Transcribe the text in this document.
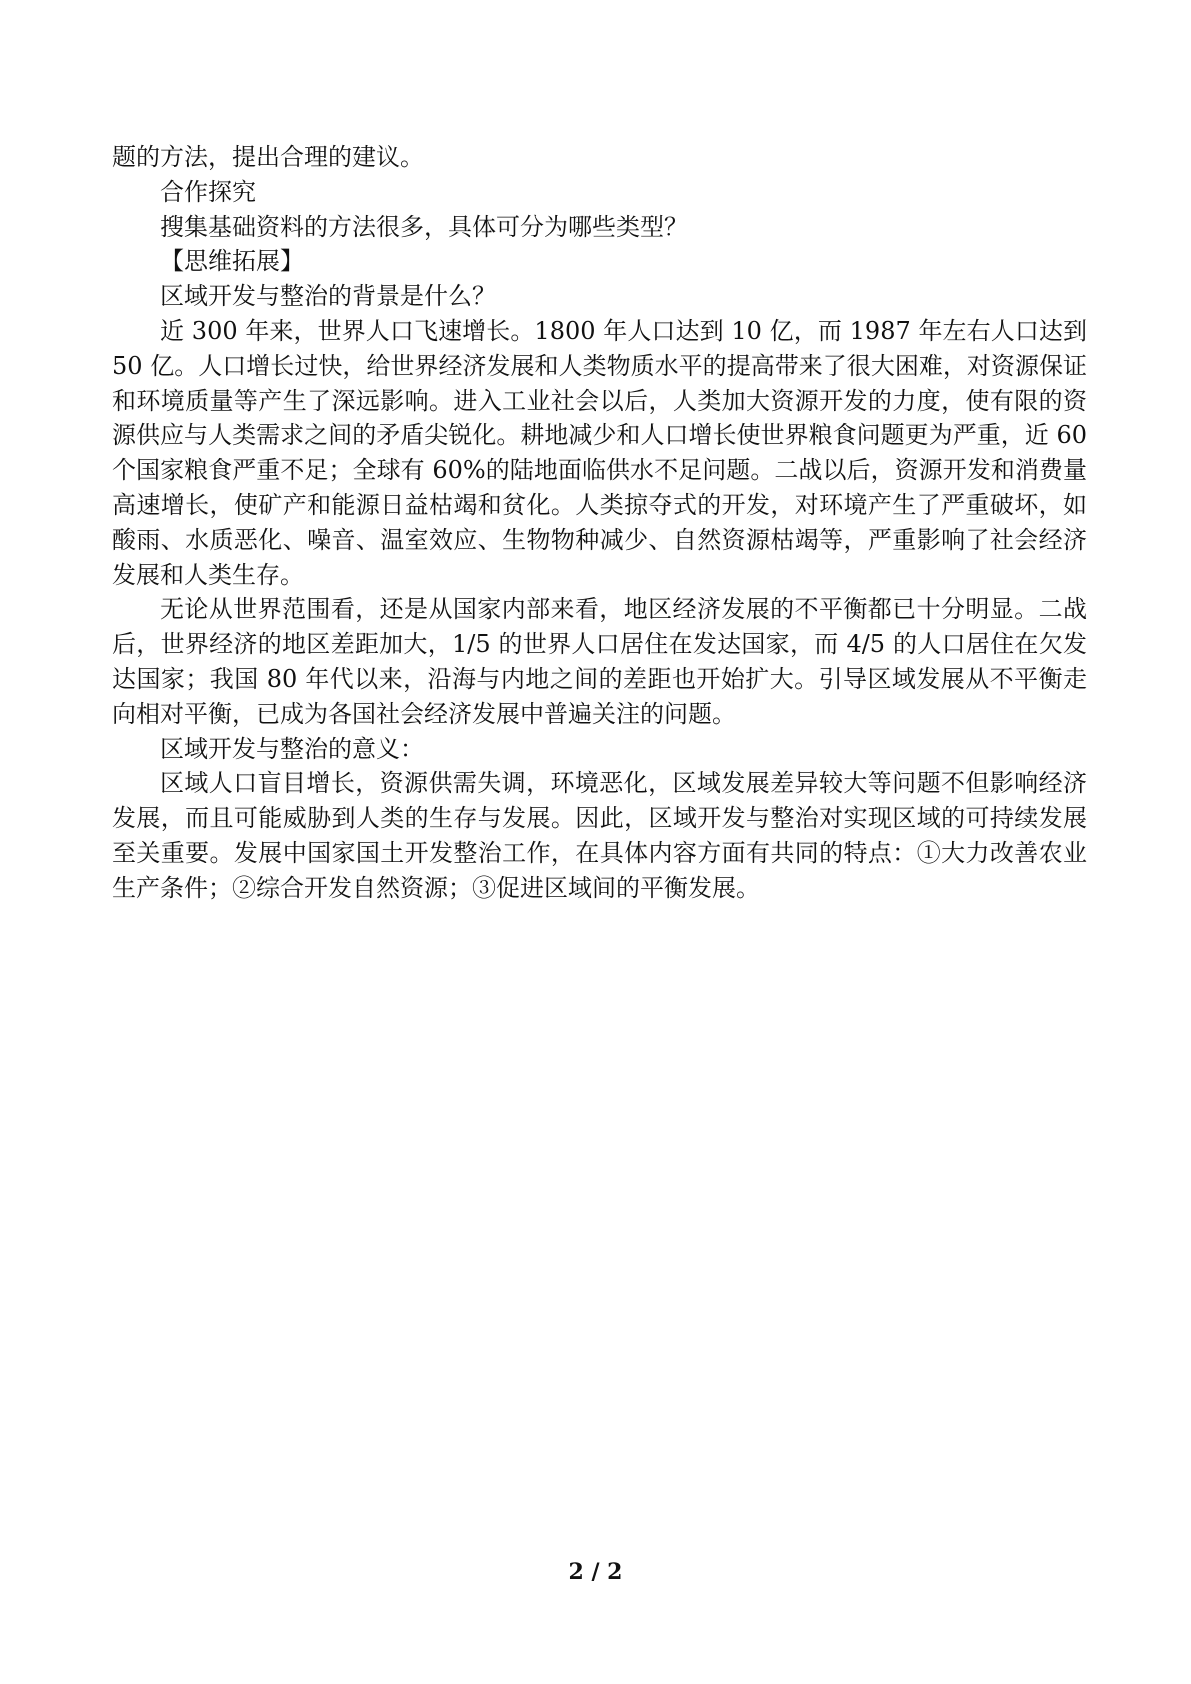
题的方法，提出合理的建议。

合作探究

搜集基础资料的方法很多，具体可分为哪些类型？

【思维拓展】

区域开发与整治的背景是什么？

近 300 年来，世界人口飞速增长。1800 年人口达到 10 亿，而 1987 年左右人口达到 50 亿。人口增长过快，给世界经济发展和人类物质水平的提高带来了很大困难，对资源保证和环境质量等产生了深远影响。进入工业社会以后，人类加大资源开发的力度，使有限的资源供应与人类需求之间的矛盾尖锐化。耕地减少和人口增长使世界粮食问题更为严重，近 60 个国家粮食严重不足；全球有 60%的陆地面临供水不足问题。二战以后，资源开发和消费量高速增长，使矿产和能源日益枯竭和贫化。人类掠夺式的开发，对环境产生了严重破坏，如酸雨、水质恶化、噪音、温室效应、生物物种减少、自然资源枯竭等，严重影响了社会经济发展和人类生存。

无论从世界范围看，还是从国家内部来看，地区经济发展的不平衡都已十分明显。二战后，世界经济的地区差距加大，1/5 的世界人口居住在发达国家，而 4/5 的人口居住在欠发达国家；我国 80 年代以来，沿海与内地之间的差距也开始扩大。引导区域发展从不平衡走向相对平衡，已成为各国社会经济发展中普遍关注的问题。

区域开发与整治的意义：

区域人口盲目增长，资源供需失调，环境恶化，区域发展差异较大等问题不但影响经济发展，而且可能威胁到人类的生存与发展。因此，区域开发与整治对实现区域的可持续发展至关重要。发展中国家国土开发整治工作，在具体内容方面有共同的特点：①大力改善农业生产条件；②综合开发自然资源；③促进区域间的平衡发展。

2 / 2
